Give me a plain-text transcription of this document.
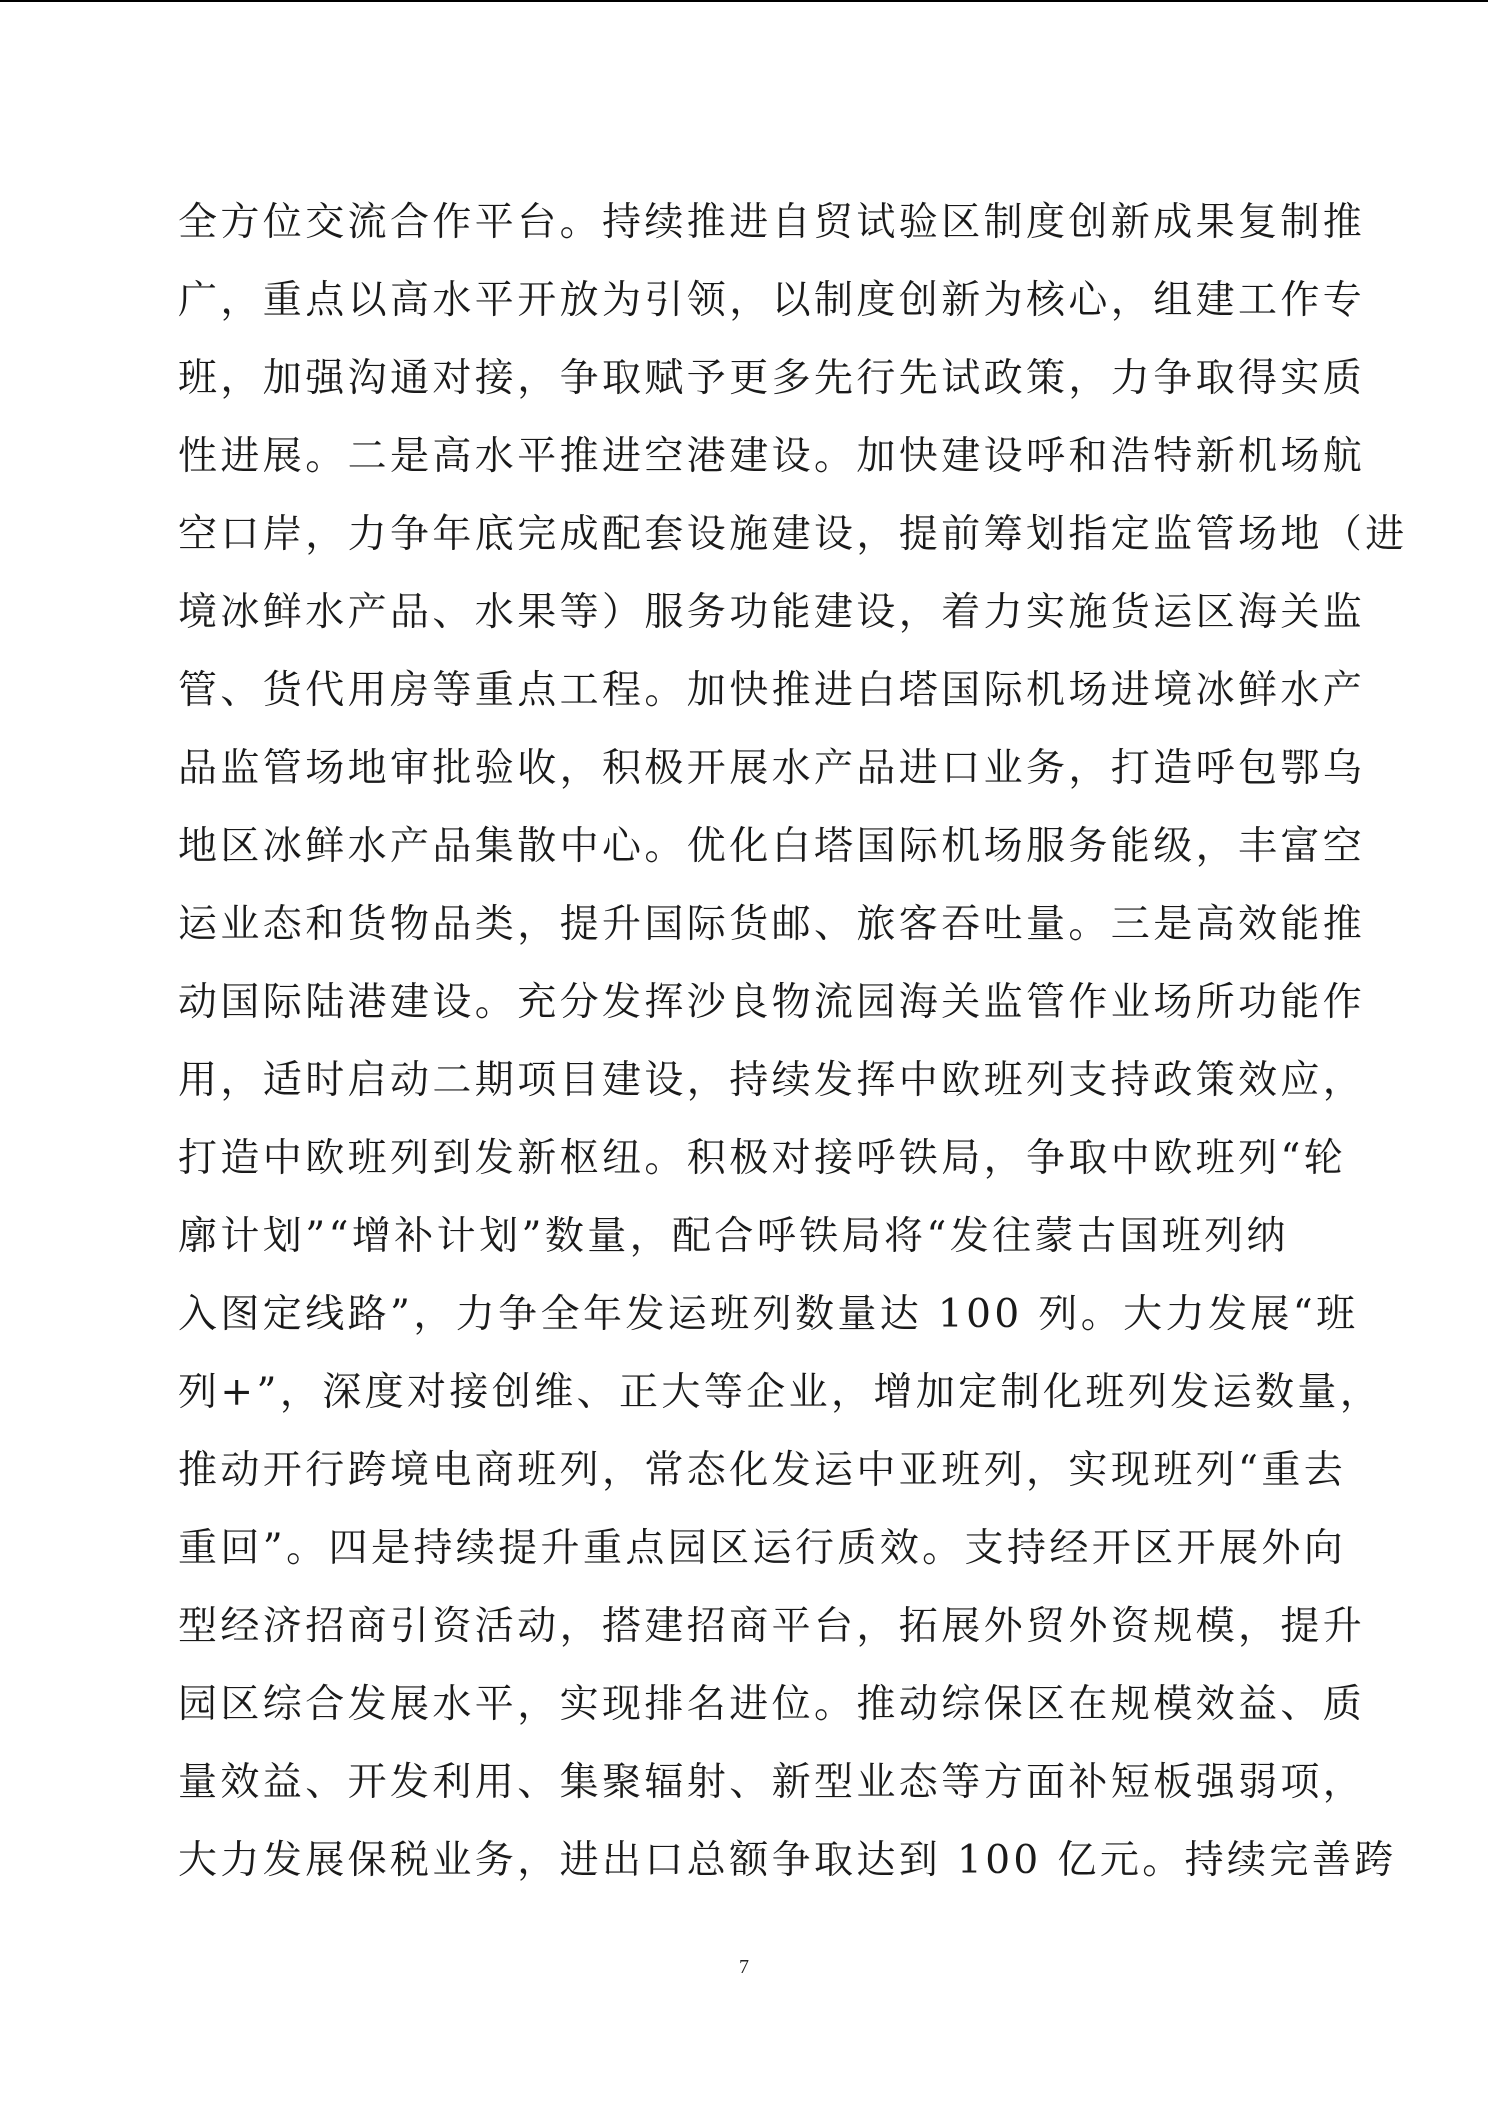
全方位交流合作平台。持续推进自贸试验区制度创新成果复制推
广，重点以高水平开放为引领，以制度创新为核心，组建工作专
班，加强沟通对接，争取赋予更多先行先试政策，力争取得实质
性进展。二是高水平推进空港建设。加快建设呼和浩特新机场航
空口岸，力争年底完成配套设施建设，提前筹划指定监管场地（进
境冰鲜水产品、水果等）服务功能建设，着力实施货运区海关监
管、货代用房等重点工程。加快推进白塔国际机场进境冰鲜水产
品监管场地审批验收，积极开展水产品进口业务，打造呼包鄂乌
地区冰鲜水产品集散中心。优化白塔国际机场服务能级，丰富空
运业态和货物品类，提升国际货邮、旅客吞吐量。三是高效能推
动国际陆港建设。充分发挥沙良物流园海关监管作业场所功能作
用，适时启动二期项目建设，持续发挥中欧班列支持政策效应，
打造中欧班列到发新枢纽。积极对接呼铁局，争取中欧班列“轮
廓计划”“增补计划”数量，配合呼铁局将“发往蒙古国班列纳
入图定线路”，力争全年发运班列数量达 100 列。大力发展“班
列+”，深度对接创维、正大等企业，增加定制化班列发运数量，
推动开行跨境电商班列，常态化发运中亚班列，实现班列“重去
重回”。四是持续提升重点园区运行质效。支持经开区开展外向
型经济招商引资活动，搭建招商平台，拓展外贸外资规模，提升
园区综合发展水平，实现排名进位。推动综保区在规模效益、质
量效益、开发利用、集聚辐射、新型业态等方面补短板强弱项，
大力发展保税业务，进出口总额争取达到 100 亿元。持续完善跨
7
